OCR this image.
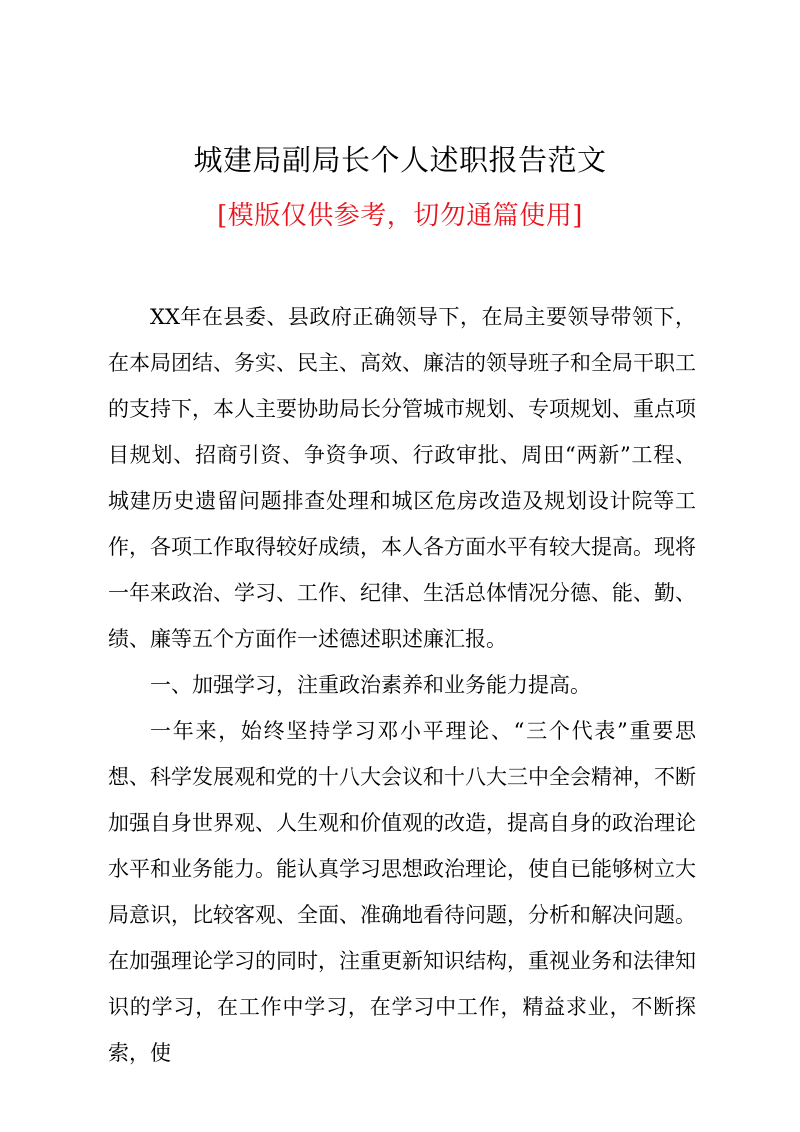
城建局副局长个人述职报告范文
[模版仅供参考，切勿通篇使用]

XX年在县委、县政府正确领导下，在局主要领导带领下，在本局团结、务实、民主、高效、廉洁的领导班子和全局干职工的支持下，本人主要协助局长分管城市规划、专项规划、重点项目规划、招商引资、争资争项、行政审批、周田“两新”工程、城建历史遗留问题排查处理和城区危房改造及规划设计院等工作，各项工作取得较好成绩，本人各方面水平有较大提高。现将一年来政治、学习、工作、纪律、生活总体情况分德、能、勤、绩、廉等五个方面作一述德述职述廉汇报。

一、加强学习，注重政治素养和业务能力提高。

一年来，始终坚持学习邓小平理论、“三个代表”重要思想、科学发展观和党的十八大会议和十八大三中全会精神，不断加强自身世界观、人生观和价值观的改造，提高自身的政治理论水平和业务能力。能认真学习思想政治理论，使自已能够树立大局意识，比较客观、全面、准确地看待问题，分析和解决问题。在加强理论学习的同时，注重更新知识结构，重视业务和法律知识的学习，在工作中学习，在学习中工作，精益求业，不断探索，使
